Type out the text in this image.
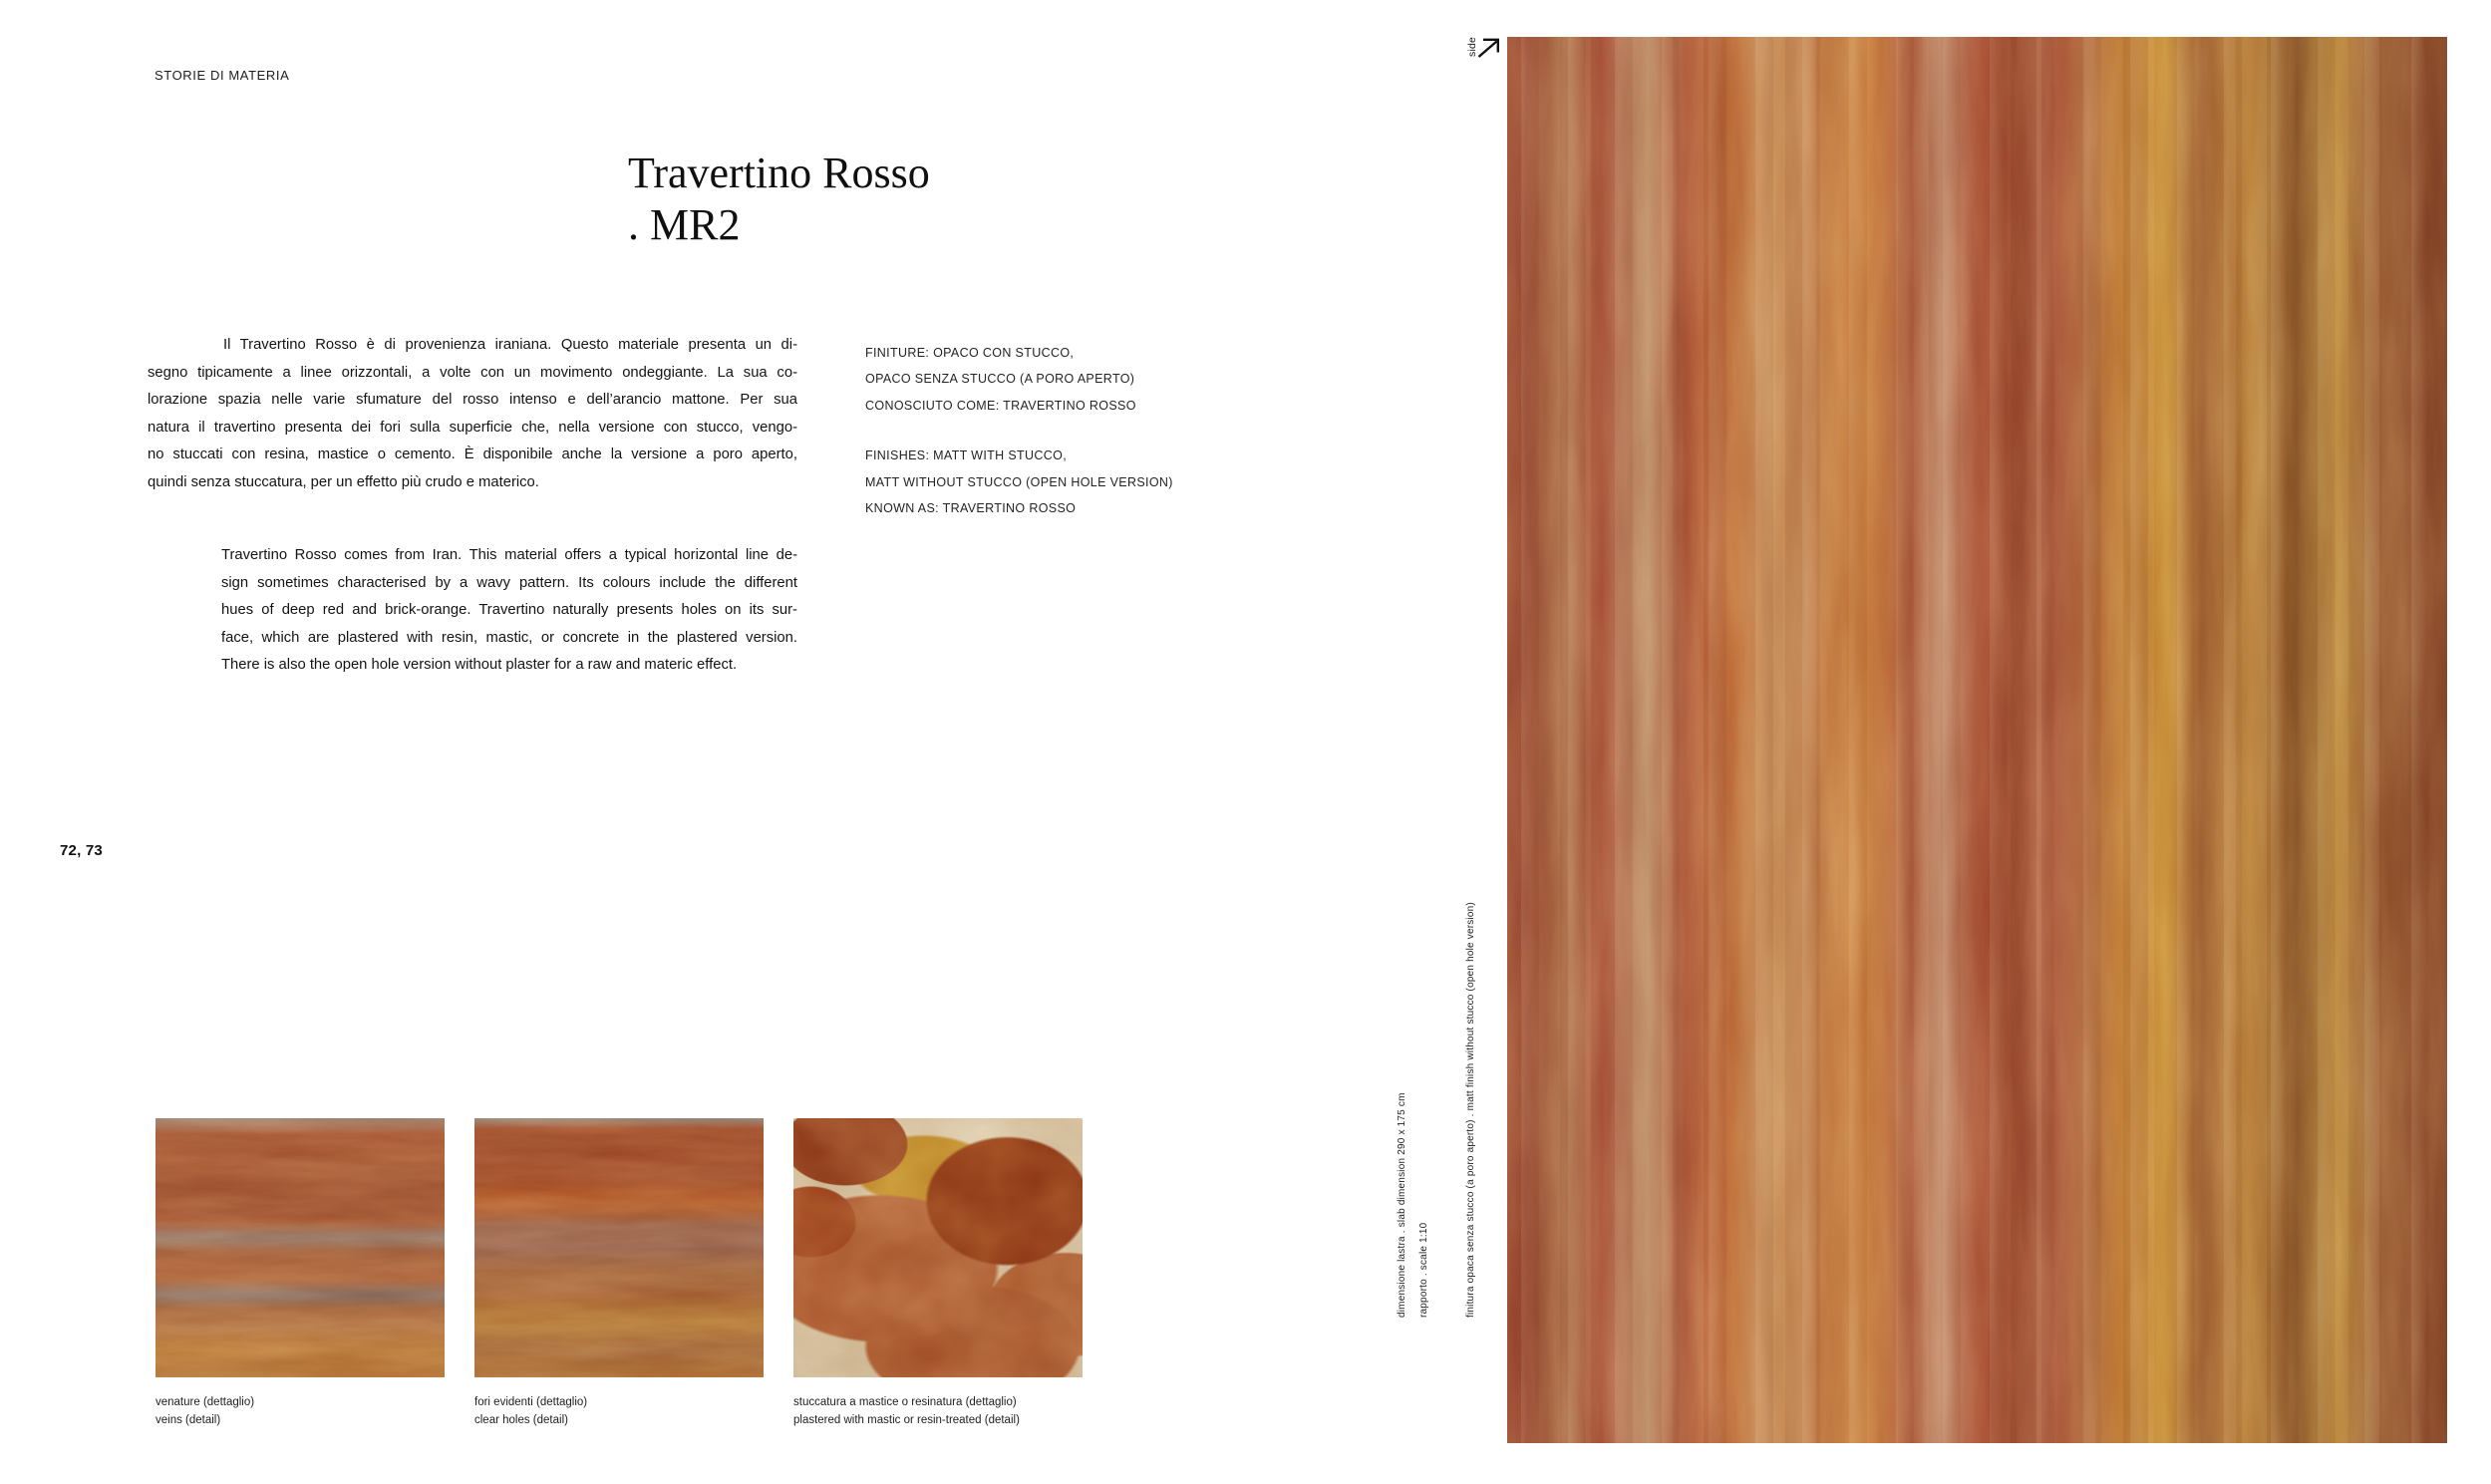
STORIE DI MATERIA
Travertino Rosso
. MR2
72, 73
Il Travertino Rosso è di provenienza iraniana. Questo materiale presenta un di-
segno tipicamente a linee orizzontali, a volte con un movimento ondeggiante. La sua co-
lorazione spazia nelle varie sfumature del rosso intenso e dell’arancio mattone. Per sua
natura il travertino presenta dei fori sulla superficie che, nella versione con stucco, vengo-
no stuccati con resina, mastice o cemento. È disponibile anche la versione a poro aperto,
quindi senza stuccatura, per un effetto più crudo e materico.
Travertino Rosso comes from Iran. This material offers a typical horizontal line de-
sign sometimes characterised by a wavy pattern. Its colours include the different
hues of deep red and brick-orange. Travertino naturally presents holes on its sur-
face, which are plastered with resin, mastic, or concrete in the plastered version.
There is also the open hole version without plaster for a raw and materic effect.
FINITURE: OPACO CON STUCCO,
OPACO SENZA STUCCO (A PORO APERTO)
CONOSCIUTO COME: TRAVERTINO ROSSO
FINISHES: MATT WITH STUCCO,
MATT WITHOUT STUCCO (OPEN HOLE VERSION)
KNOWN AS: TRAVERTINO ROSSO
venature (dettaglio)
veins (detail)
fori evidenti (dettaglio)
clear holes (detail)
stuccatura a mastice o resinatura (dettaglio)
plastered with mastic or resin-treated (detail)
dimensione lastra . slab dimension 290 x 175 cm	rapporto . scale 1:10	finitura opaca senza stucco (a poro aperto) . matt finish without stucco (open hole version)
side
